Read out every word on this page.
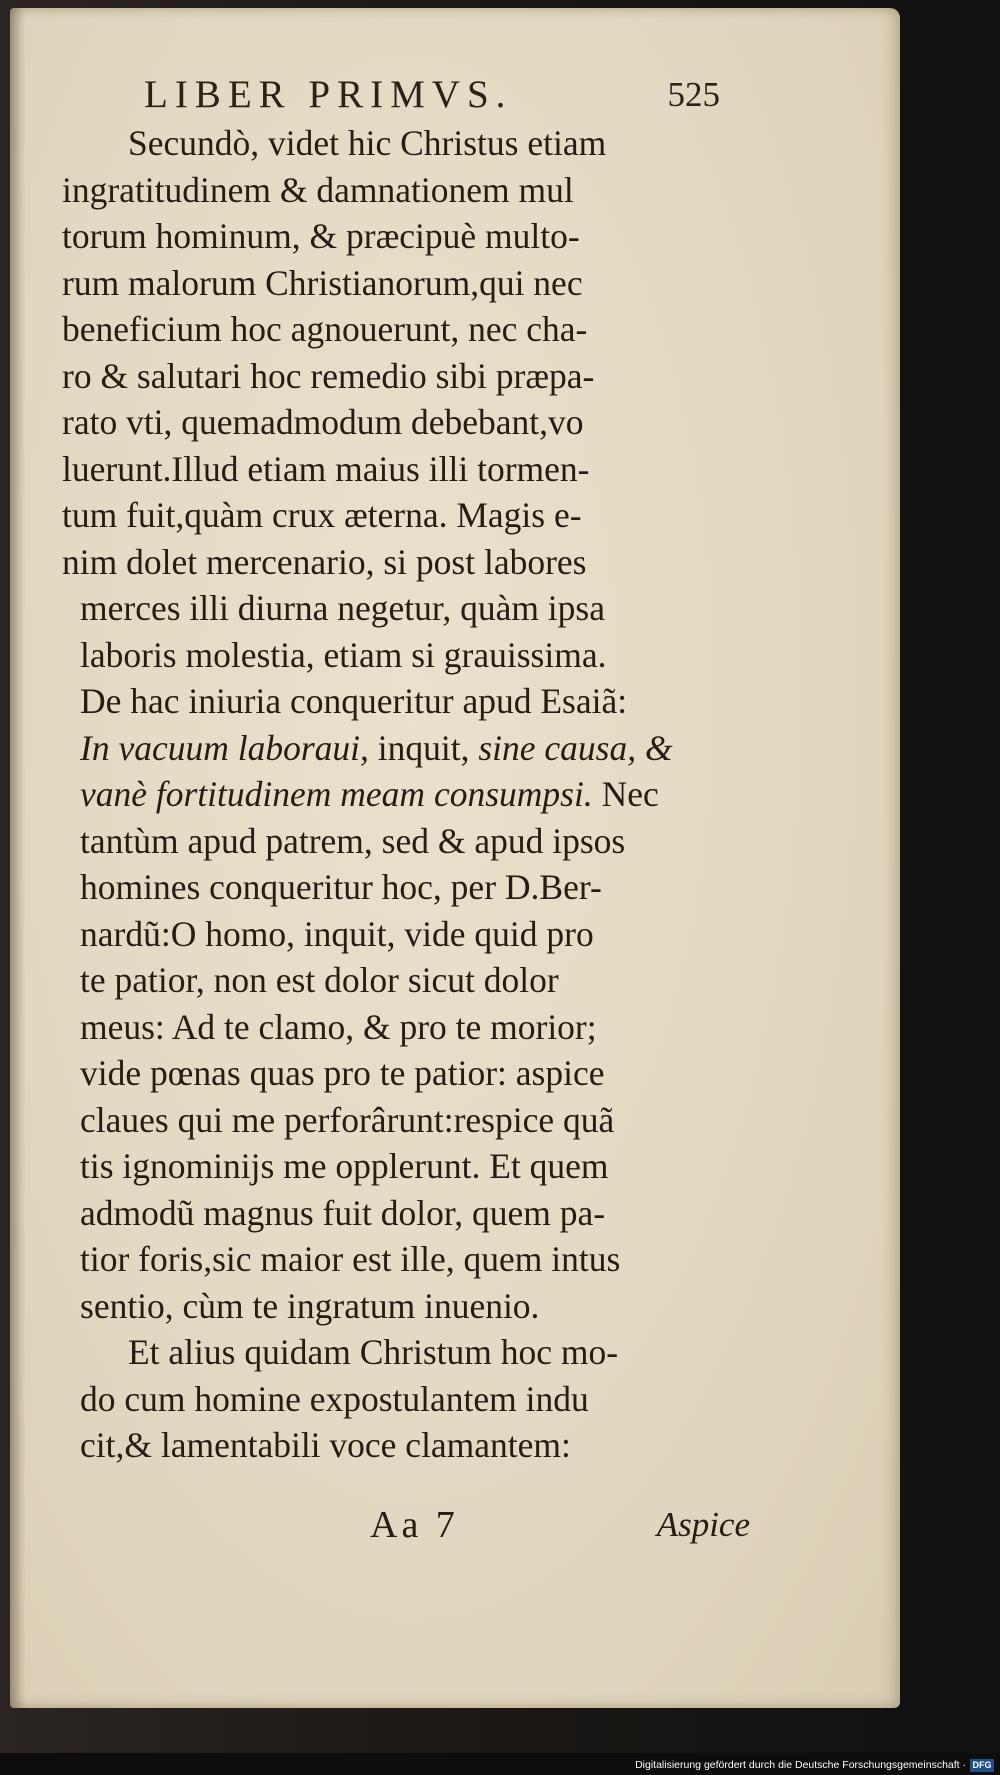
LIBER PRIMVS.	525
Secundò, videt hic Christus etiam
ingratitudinem & damnationem mul
torum hominum, & præcipuè multo-
rum malorum Christianorum,qui nec
beneficium hoc agnouerunt, nec cha-
ro & salutari hoc remedio sibi præpa-
rato vti, quemadmodum debebant,vo
luerunt.Illud etiam maius illi tormen-
tum fuit,quàm crux æterna. Magis e-
nim dolet mercenario, si post labores
merces illi diurna negetur, quàm ipsa
laboris molestia, etiam si grauissima.
De hac iniuria conqueritur apud Esaiã:
In vacuum laboraui, inquit, sine causa, &
vanè fortitudinem meam consumpsi. Nec
tantùm apud patrem, sed & apud ipsos
homines conqueritur hoc, per D.Ber-
nardũ:O homo, inquit, vide quid pro
te patior, non est dolor sicut dolor
meus: Ad te clamo, & pro te morior;
vide pœnas quas pro te patior: aspice
claues qui me perforârunt:respice quã
tis ignominijs me opplerunt. Et quem
admodũ magnus fuit dolor, quem pa-
tior foris,sic maior est ille, quem intus
sentio, cùm te ingratum inuenio.
Et alius quidam Christum hoc mo-
do cum homine expostulantem indu
cit,& lamentabili voce clamantem:
Aa 7	Aspice
Digitalisierung gefördert durch die Deutsche Forschungsgemeinschaft · DFG
